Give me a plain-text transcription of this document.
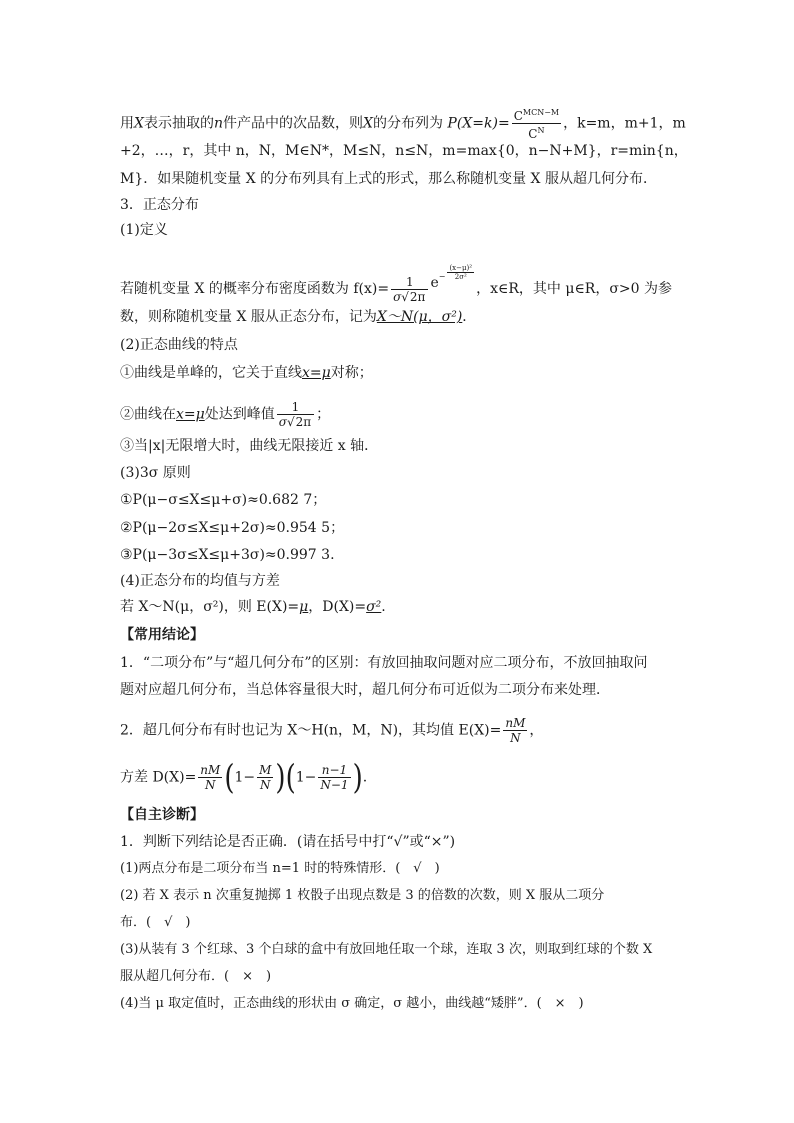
用X表示抽取的n件产品中的次品数，则X的分布列为 $P(X=k)= \frac{C^{MCN-M}}{C^N}$ ，k=m，m+1，m
+2，…，r，其中 n，N，M∈N*，M≤N，n≤N，m=max{0，n−N+M}，r=min{n，
M}．如果随机变量 X 的分布列具有上式的形式，那么称随机变量 X 服从超几何分布．
3．正态分布
(1)定义
若随机变量 X 的概率分布密度函数为 $f(x)= \frac{1}{\sigma√2\pi} e^- \frac{\text{(x−μ)²}}{\text{2σ²}}$
，x∈R，其中 μ∈R，σ>0 为参
数，则称随机变量 X 服从正态分布，记为X～N(μ，σ²)．
(2)正态曲线的特点
①曲线是单峰的，它关于直线x=μ对称；
②曲线在x=μ处达到峰值 $\frac{1}{\sigma√2\pi}$ ；
③当|x|无限增大时，曲线无限接近 x 轴．
(3)3σ 原则
①P(μ−σ≤X≤μ+σ)≈0.682 7；
②P(μ−2σ≤X≤μ+2σ)≈0.954 5；
③P(μ−3σ≤X≤μ+3σ)≈0.997 3.
(4)正态分布的均值与方差
若 X～N(μ，σ²)，则 E(X)=μ，D(X)=σ².
【常用结论】
1．“二项分布”与“超几何分布”的区别：有放回抽取问题对应二项分布，不放回抽取问
题对应超几何分布，当总体容量很大时，超几何分布可近似为二项分布来处理．
2．超几何分布有时也记为 X～H(n，M，N)，其均值 $E(X)= \frac{nM}{N}$ ，
方差 $D(X)= \frac{nM}{N} (1- \frac{M}{N} )(1- \frac{n-1}{N-1}$ ).
【自主诊断】
1．判断下列结论是否正确．(请在括号中打“√”或“×”)
(1)两点分布是二项分布当 n=1 时的特殊情形．(　√　)
(2) 若 X 表示 n 次重复抛掷 1 枚骰子出现点数是 3 的倍数的次数，则 X 服从二项分
布．(　√　)
(3)从装有 3 个红球、3 个白球的盒中有放回地任取一个球，连取 3 次，则取到红球的个数 X
服从超几何分布．(　×　)
(4)当 μ 取定值时，正态曲线的形状由 σ 确定，σ 越小，曲线越“矮胖”．(　×　)
